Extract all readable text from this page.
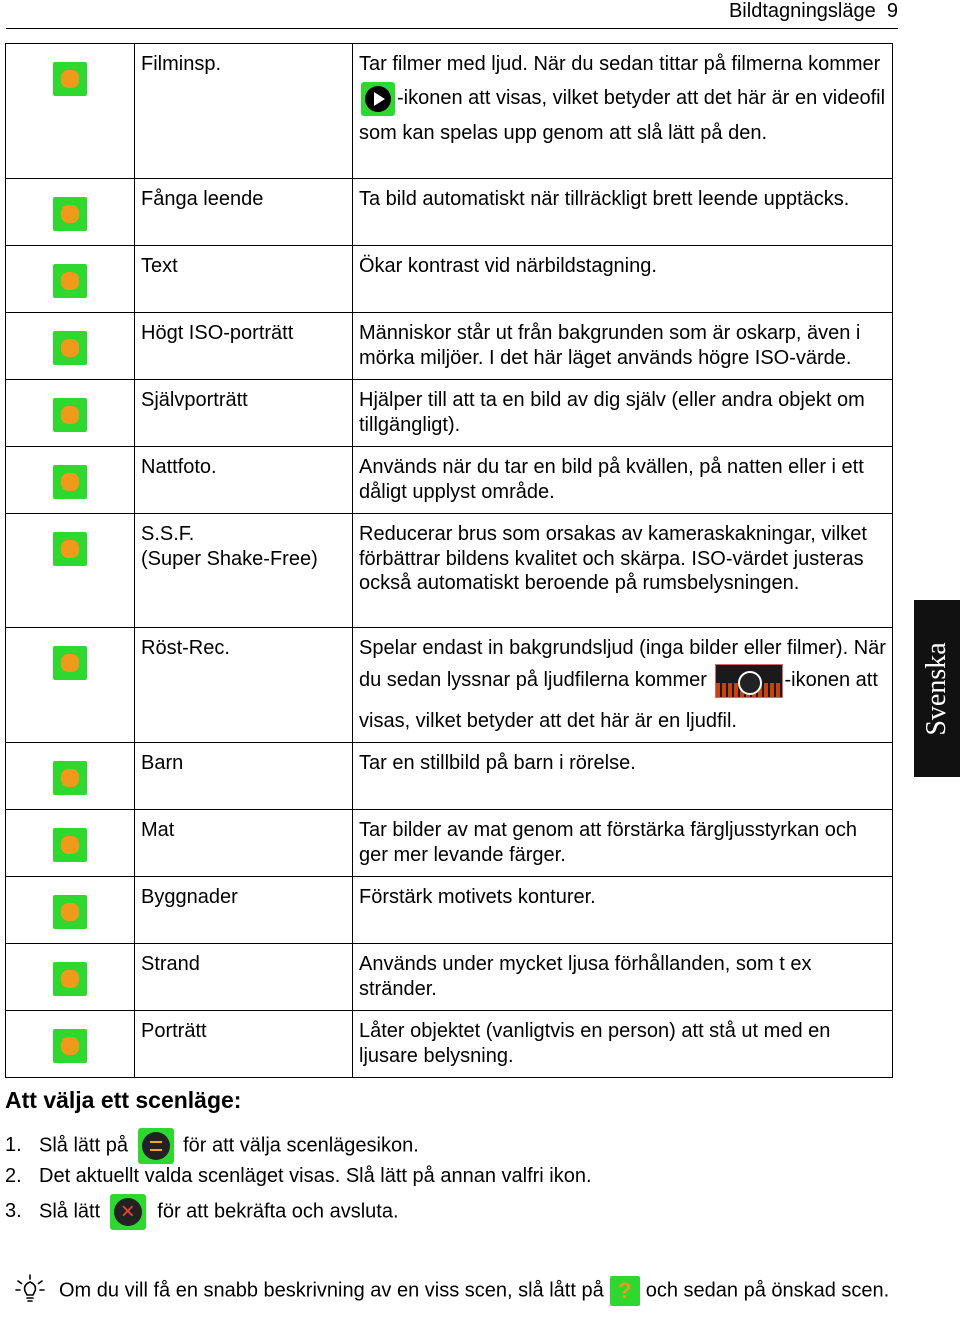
Bildtagningsläge 9
	Filminsp.	Tar filmer med ljud. När du sedan tittar på filmerna kommer -ikonen att visas, vilket betyder att det här är en videofil som kan spelas upp genom att slå lätt på den.

	Fånga leende	Ta bild automatiskt när tillräckligt brett leende upptäcks.

	Text	Ökar kontrast vid närbildstagning.

	Högt ISO-porträtt	Människor står ut från bakgrunden som är oskarp, även i mörka miljöer. I det här läget används högre ISO-värde.

	Självporträtt	Hjälper till att ta en bild av dig själv (eller andra objekt om tillgängligt).

	Nattfoto.	Används när du tar en bild på kvällen, på natten eller i ett dåligt upplyst område.

	S.S.F.
(Super Shake-Free)	Reducerar brus som orsakas av kameraskakningar, vilket förbättrar bildens kvalitet och skärpa. ISO-värdet justeras också automatiskt beroende på rumsbelysningen.

	Röst-Rec.	Spelar endast in bakgrundsljud (inga bilder eller filmer). När du sedan lyssnar på ljudfilerna kommer -ikonen att visas, vilket betyder att det här är en ljudfil.

	Barn	Tar en stillbild på barn i rörelse.

	Mat	Tar bilder av mat genom att förstärka färgljusstyrkan och ger mer levande färger.

	Byggnader	Förstärk motivets konturer.

	Strand	Används under mycket ljusa förhållanden, som t ex stränder.

	Porträtt	Låter objektet (vanligtvis en person) att stå ut med en ljusare belysning.
Svenska
Att välja ett scenläge:
1. Slå lätt på	för att välja scenlägesikon.
2. Det aktuellt valda scenläget visas. Slå lätt på annan valfri ikon.
3. Slå lätt ×	för att bekräfta och avsluta.
Om du vill få en snabb beskrivning av en viss scen, slå lått på ? och sedan på önskad scen.
